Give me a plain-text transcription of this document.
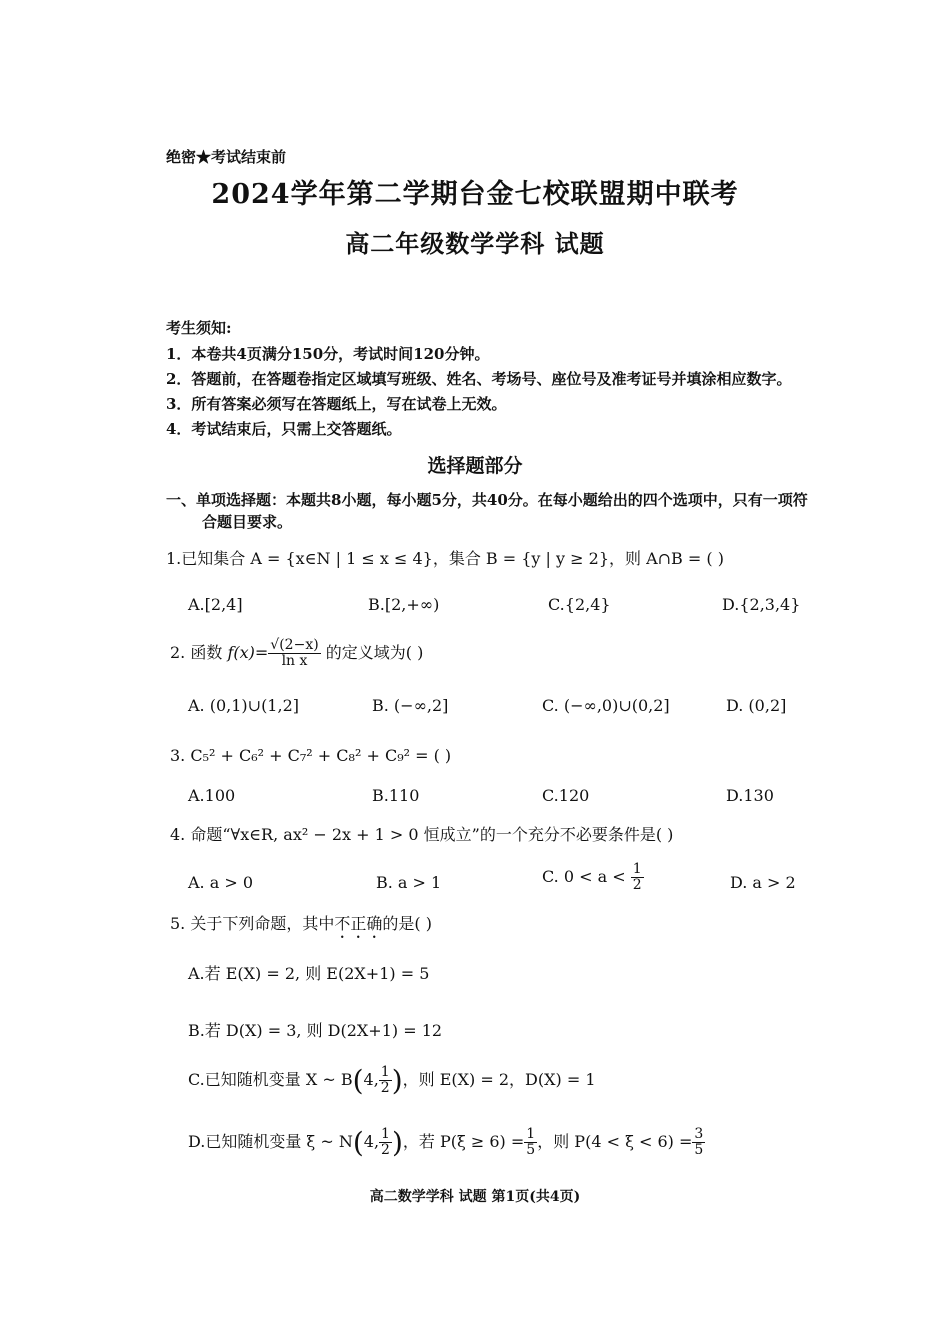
绝密★考试结束前
2024学年第二学期台金七校联盟期中联考
高二年级数学学科 试题
考生须知:
1．本卷共4页满分150分，考试时间120分钟。
2．答题前，在答题卷指定区域填写班级、姓名、考场号、座位号及准考证号并填涂相应数字。
3．所有答案必须写在答题纸上，写在试卷上无效。
4．考试结束后，只需上交答题纸。
选择题部分
一、单项选择题：本题共8小题，每小题5分，共40分。在每小题给出的四个选项中，只有一项符
合题目要求。
1.已知集合 A = {x∈N | 1 ≤ x ≤ 4}，集合 B = {y | y ≥ 2}，则 A∩B = ( )
A.[2,4]	B.[2,+∞)	C.{2,4}	D.{2,3,4}
2. 函数 $f(x)= \frac{√(2-x)}{\text{ln x}}$ 的定义域为( )
A. (0,1)∪(1,2]	B. (−∞,2]	C. (−∞,0)∪(0,2]	D. (0,2]
3. C₅² + C₆² + C₇² + C₈² + C₉² = ( )
A.100	B.110	C.120	D.130
4. 命题“∀x∈R, ax² − 2x + 1 > 0 恒成立”的一个充分不必要条件是( )
A. a > 0	B. a > 1	C. $0 < a < \frac{1}{2}$	D. a > 2
5. 关于下列命题，其中不正确的是( )
A.若 E(X) = 2, 则 E(2X+1) = 5
B.若 D(X) = 3, 则 D(2X+1) = 12
C.已知随机变量 X ~ B(4, $\frac{1}{2}$ )，则 E(X) = 2，D(X) = 1
D.已知随机变量 ξ ~ N(4, $\frac{1}{2}$ )，若 $P(\xi \ge 6) = \frac{1}{5}$ ，则 $P(4 < \xi < 6) = \frac{3}{5}$
高二数学学科 试题 第1页(共4页)
